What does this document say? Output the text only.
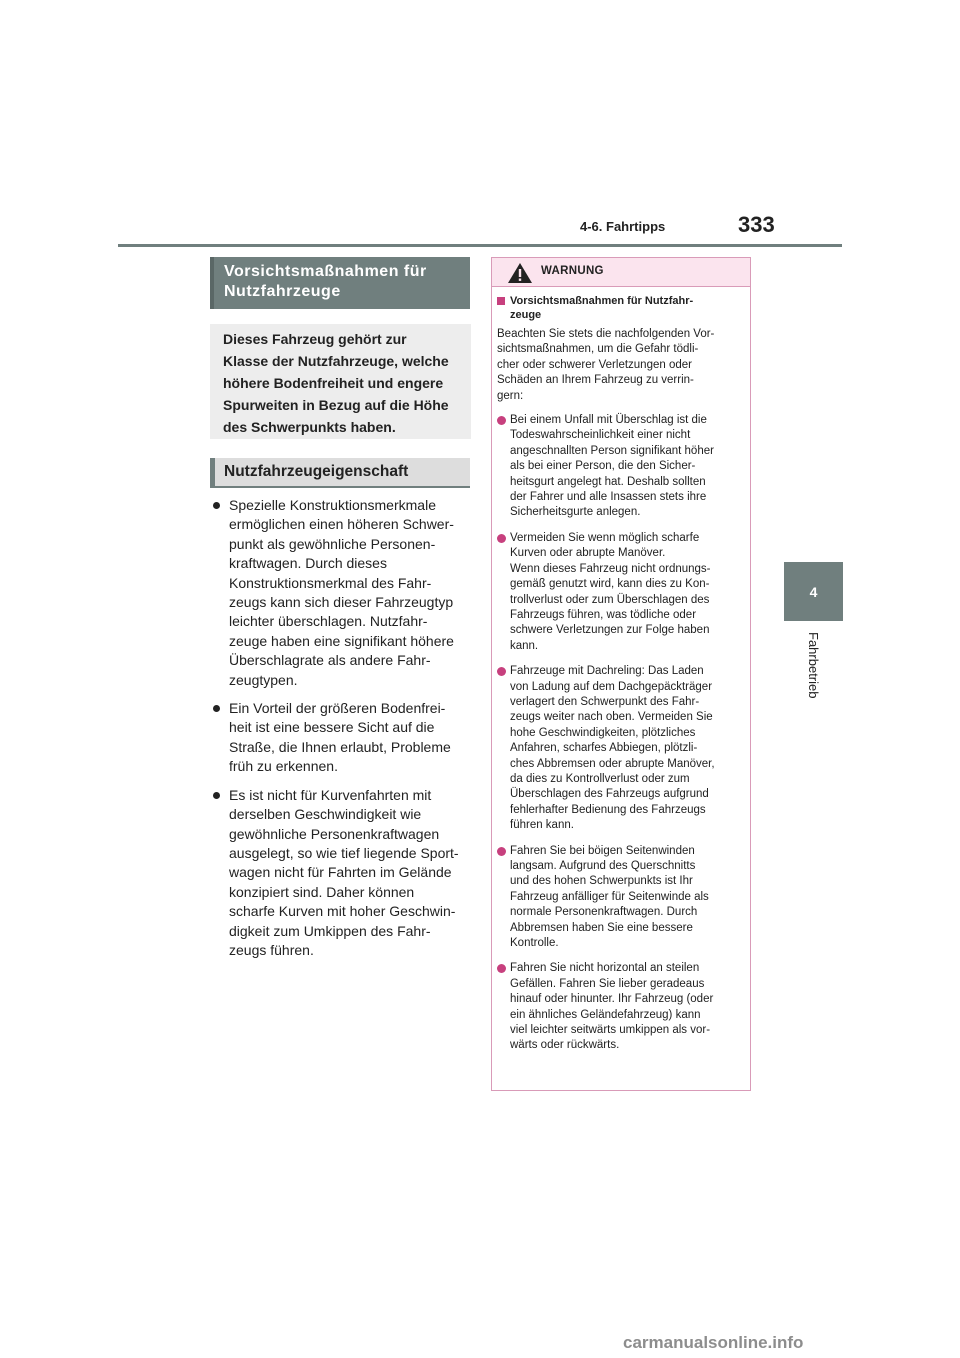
4-6. Fahrtipps	333
4
Fahrbetrieb
Vorsichtsmaßnahmen für
Nutzfahrzeuge
Dieses Fahrzeug gehört zur
Klasse der Nutzfahrzeuge, welche
höhere Bodenfreiheit und engere
Spurweiten in Bezug auf die Höhe
des Schwerpunkts haben.
Nutzfahrzeugeigenschaft
Spezielle Konstruktionsmerkmale
ermöglichen einen höheren Schwer-
punkt als gewöhnliche Personen-
kraftwagen. Durch dieses
Konstruktionsmerkmal des Fahr-
zeugs kann sich dieser Fahrzeugtyp
leichter überschlagen. Nutzfahr-
zeuge haben eine signifikant höhere
Überschlagrate als andere Fahr-
zeugtypen.
Ein Vorteil der größeren Bodenfrei-
heit ist eine bessere Sicht auf die
Straße, die Ihnen erlaubt, Probleme
früh zu erkennen.
Es ist nicht für Kurvenfahrten mit
derselben Geschwindigkeit wie
gewöhnliche Personenkraftwagen
ausgelegt, so wie tief liegende Sport-
wagen nicht für Fahrten im Gelände
konzipiert sind. Daher können
scharfe Kurven mit hoher Geschwin-
digkeit zum Umkippen des Fahr-
zeugs führen.
WARNUNG
Vorsichtsmaßnahmen für Nutzfahr-
zeuge
Beachten Sie stets die nachfolgenden Vor-
sichtsmaßnahmen, um die Gefahr tödli-
cher oder schwerer Verletzungen oder
Schäden an Ihrem Fahrzeug zu verrin-
gern:
Bei einem Unfall mit Überschlag ist die
Todeswahrscheinlichkeit einer nicht
angeschnallten Person signifikant höher
als bei einer Person, die den Sicher-
heitsgurt angelegt hat. Deshalb sollten
der Fahrer und alle Insassen stets ihre
Sicherheitsgurte anlegen.
Vermeiden Sie wenn möglich scharfe
Kurven oder abrupte Manöver.
Wenn dieses Fahrzeug nicht ordnungs-
gemäß genutzt wird, kann dies zu Kon-
trollverlust oder zum Überschlagen des
Fahrzeugs führen, was tödliche oder
schwere Verletzungen zur Folge haben
kann.
Fahrzeuge mit Dachreling: Das Laden
von Ladung auf dem Dachgepäckträger
verlagert den Schwerpunkt des Fahr-
zeugs weiter nach oben. Vermeiden Sie
hohe Geschwindigkeiten, plötzliches
Anfahren, scharfes Abbiegen, plötzli-
ches Abbremsen oder abrupte Manöver,
da dies zu Kontrollverlust oder zum
Überschlagen des Fahrzeugs aufgrund
fehlerhafter Bedienung des Fahrzeugs
führen kann.
Fahren Sie bei böigen Seitenwinden
langsam. Aufgrund des Querschnitts
und des hohen Schwerpunkts ist Ihr
Fahrzeug anfälliger für Seitenwinde als
normale Personenkraftwagen. Durch
Abbremsen haben Sie eine bessere
Kontrolle.
Fahren Sie nicht horizontal an steilen
Gefällen. Fahren Sie lieber geradeaus
hinauf oder hinunter. Ihr Fahrzeug (oder
ein ähnliches Geländefahrzeug) kann
viel leichter seitwärts umkippen als vor-
wärts oder rückwärts.
carmanualsonline.info
